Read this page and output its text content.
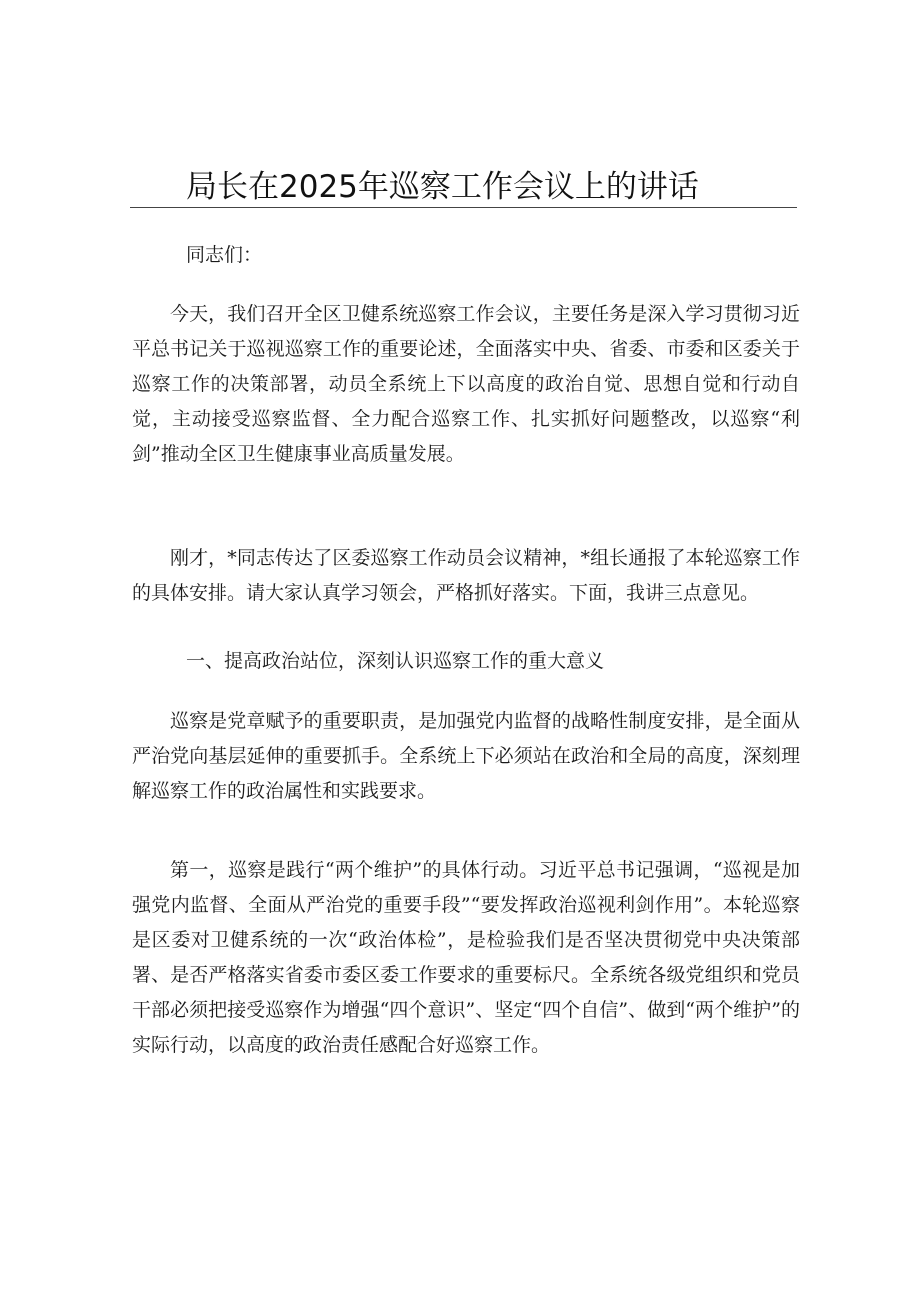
局长在2025年巡察工作会议上的讲话

同志们：

今天，我们召开全区卫健系统巡察工作会议，主要任务是深入学习贯彻习近平总书记关于巡视巡察工作的重要论述，全面落实中央、省委、市委和区委关于巡察工作的决策部署，动员全系统上下以高度的政治自觉、思想自觉和行动自觉，主动接受巡察监督、全力配合巡察工作、扎实抓好问题整改，以巡察“利剑”推动全区卫生健康事业高质量发展。

刚才，*同志传达了区委巡察工作动员会议精神，*组长通报了本轮巡察工作的具体安排。请大家认真学习领会，严格抓好落实。下面，我讲三点意见。

一、提高政治站位，深刻认识巡察工作的重大意义

巡察是党章赋予的重要职责，是加强党内监督的战略性制度安排，是全面从严治党向基层延伸的重要抓手。全系统上下必须站在政治和全局的高度，深刻理解巡察工作的政治属性和实践要求。

第一，巡察是践行“两个维护”的具体行动。习近平总书记强调，“巡视是加强党内监督、全面从严治党的重要手段”“要发挥政治巡视利剑作用”。本轮巡察是区委对卫健系统的一次“政治体检”，是检验我们是否坚决贯彻党中央决策部署、是否严格落实省委市委区委工作要求的重要标尺。全系统各级党组织和党员干部必须把接受巡察作为增强“四个意识”、坚定“四个自信”、做到“两个维护”的实际行动，以高度的政治责任感配合好巡察工作。
